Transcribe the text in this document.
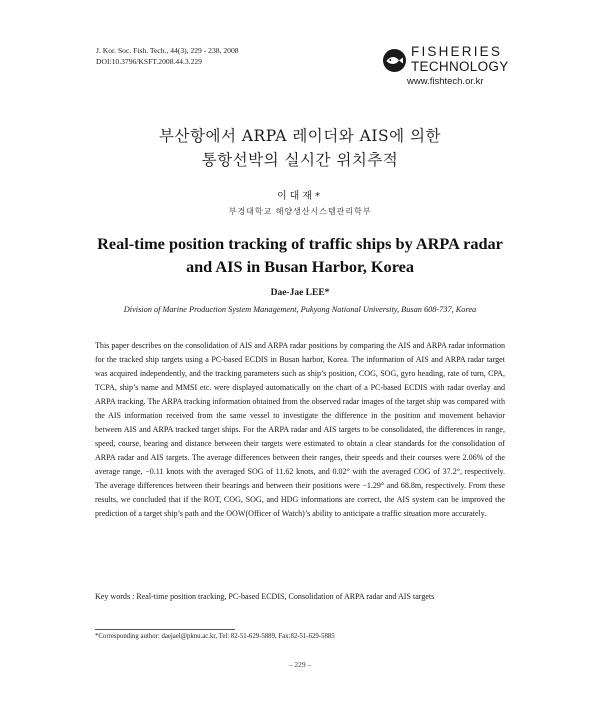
J. Kor. Soc. Fish. Tech., 44(3), 229 - 238, 2008
DOI:10.3796/KSFT.2008.44.3.229
FISHERIES
TECHNOLOGY
www.fishtech.or.kr
부산항에서 ARPA 레이더와 AIS에 의한
통항선박의 실시간 위치추적
이대재*
부경대학교 해양생산시스템관리학부
Real-time position tracking of traffic ships by ARPA radar
and AIS in Busan Harbor, Korea
Dae-Jae LEE*
Division of Marine Production System Management, Pukyong National University, Busan 608-737, Korea

This paper describes on the consolidation of AIS and ARPA radar positions by comparing the AIS and ARPA radar information for the tracked ship targets using a PC-based ECDIS in Busan harbor, Korea. The information of AIS and ARPA radar target was acquired independently, and the tracking parameters such as ship’s position, COG, SOG, gyro heading, rate of turn, CPA, TCPA, ship’s name and MMSI etc. were displayed automatically on the chart of a PC-based ECDIS with radar overlay and ARPA tracking. The ARPA tracking information obtained from the observed radar images of the target ship was compared with the AIS information received from the same vessel to investigate the difference in the position and movement behavior between AIS and ARPA tracked target ships. For the ARPA radar and AIS targets to be consolidated, the differences in range, speed, course, bearing and distance between their targets were estimated to obtain a clear standards for the consolidation of ARPA radar and AIS targets. The average differences between their ranges, their speeds and their courses were 2.06% of the average range, −0.11 knots with the averaged SOG of 11.62 knots, and 0.02° with the averaged COG of 37.2°, respectively. The average differences between their bearings and between their positions were −1.29° and 68.8m, respectively. From these results, we concluded that if the ROT, COG, SOG, and HDG informations are correct, the AIS system can be improved the prediction of a target ship’s path and the OOW(Officer of Watch)’s ability to anticipate a traffic situation more accurately.

Key words : Real-time position tracking, PC-based ECDIS, Consolidation of ARPA radar and AIS targets
*Corresponding author: daejael@pknu.ac.kr, Tel: 82-51-629-5889, Fax:82-51-629-5885
– 229 –
